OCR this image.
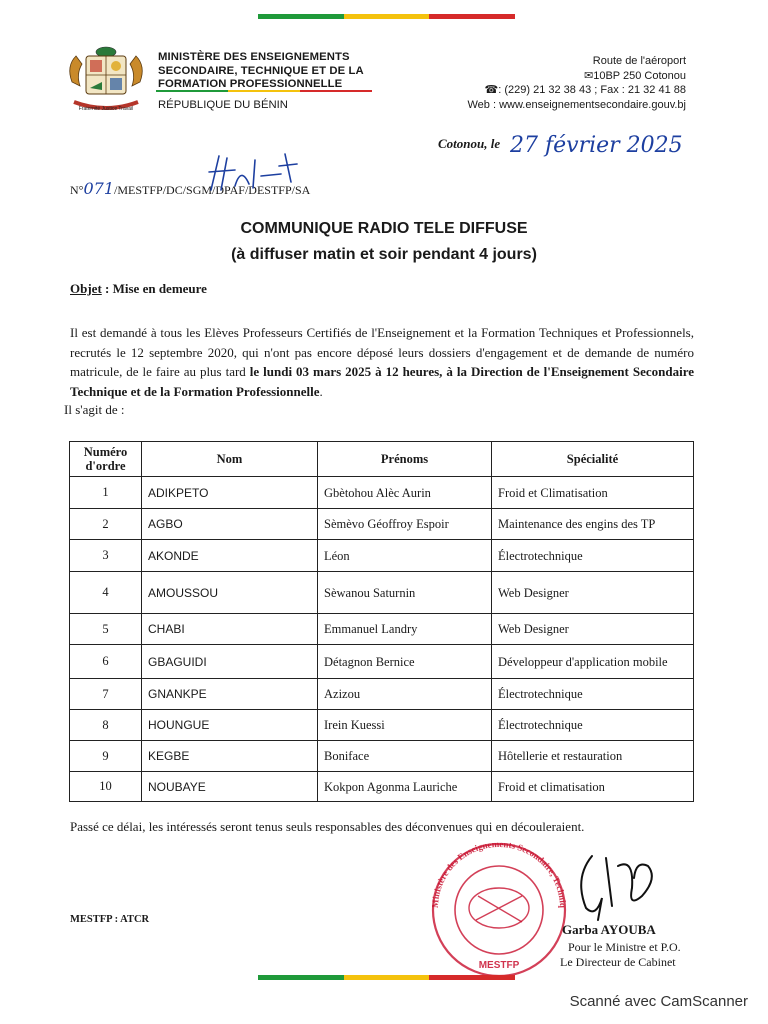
Fraternité Justice Travail
MINISTÈRE DES ENSEIGNEMENTS
SECONDAIRE, TECHNIQUE ET DE LA
FORMATION PROFESSIONNELLE
RÉPUBLIQUE DU BÉNIN
Route de l'aéroport
✉10BP 250 Cotonou
☎: (229) 21 32 38 43 ; Fax : 21 32 41 88
Web : www.enseignementsecondaire.gouv.bj
Cotonou, le 27 février 2025
N°071/MESTFP/DC/SGM/DPAF/DESTFP/SA
COMMUNIQUE RADIO TELE DIFFUSE
(à diffuser matin et soir pendant 4 jours)
Objet : Mise en demeure
Il est demandé à tous les Elèves Professeurs Certifiés de l'Enseignement et la Formation Techniques et Professionnels, recrutés le 12 septembre 2020, qui n'ont pas encore déposé leurs dossiers d'engagement et de demande de numéro matricule, de le faire au plus tard le lundi 03 mars 2025 à 12 heures, à la Direction de l'Enseignement Secondaire Technique et de la Formation Professionnelle.
Il s'agit de :
Numéro d'ordre	Nom	Prénoms	Spécialité
1	ADIKPETO	Gbètohou Alèc Aurin	Froid et Climatisation
2	AGBO	Sèmèvo Géoffroy Espoir	Maintenance des engins des TP
3	AKONDE	Léon	Électrotechnique
4	AMOUSSOU	Sèwanou Saturnin	Web Designer
5	CHABI	Emmanuel Landry	Web Designer
6	GBAGUIDI	Détagnon Bernice	Développeur d'application mobile
7	GNANKPE	Azizou	Électrotechnique
8	HOUNGUE	Irein Kuessi	Électrotechnique
9	KEGBE	Boniface	Hôtellerie et restauration
10	NOUBAYE	Kokpon Agonma Lauriche	Froid et climatisation
Passé ce délai, les intéressés seront tenus seuls responsables des déconvenues qui en découleraient.
MESTFP : ATCR
Ministère des Enseignements Secondaire, Techniq
MESTFP
Garba AYOUBA
Pour le Ministre et P.O.
Le Directeur de Cabinet
Scanné avec CamScanner
